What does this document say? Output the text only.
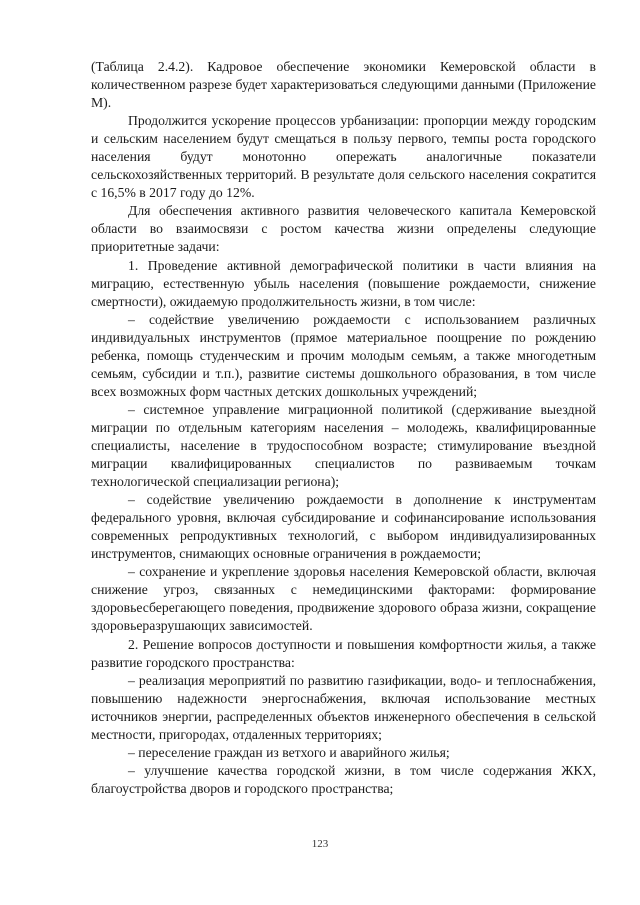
(Таблица 2.4.2). Кадровое обеспечение экономики Кемеровской области в количественном разрезе будет характеризоваться следующими данными (Приложение М).

Продолжится ускорение процессов урбанизации: пропорции между городским и сельским населением будут смещаться в пользу первого, темпы роста городского населения будут монотонно опережать аналогичные показатели сельскохозяйственных территорий. В результате доля сельского населения сократится с 16,5% в 2017 году до 12%.

Для обеспечения активного развития человеческого капитала Кемеровской области во взаимосвязи с ростом качества жизни определены следующие приоритетные задачи:

1. Проведение активной демографической политики в части влияния на миграцию, естественную убыль населения (повышение рождаемости, снижение смертности), ожидаемую продолжительность жизни, в том числе:

– содействие увеличению рождаемости с использованием различных индивидуальных инструментов (прямое материальное поощрение по рождению ребенка, помощь студенческим и прочим молодым семьям, а также многодетным семьям, субсидии и т.п.), развитие системы дошкольного образования, в том числе всех возможных форм частных детских дошкольных учреждений;

– системное управление миграционной политикой (сдерживание выездной миграции по отдельным категориям населения – молодежь, квалифицированные специалисты, население в трудоспособном возрасте; стимулирование въездной миграции квалифицированных специалистов по развиваемым точкам технологической специализации региона);

– содействие увеличению рождаемости в дополнение к инструментам федерального уровня, включая субсидирование и софинансирование использования современных репродуктивных технологий, с выбором индивидуализированных инструментов, снимающих основные ограничения в рождаемости;

– сохранение и укрепление здоровья населения Кемеровской области, включая снижение угроз, связанных с немедицинскими факторами: формирование здоровьесберегающего поведения, продвижение здорового образа жизни, сокращение здоровьеразрушающих зависимостей.

2. Решение вопросов доступности и повышения комфортности жилья, а также развитие городского пространства:

– реализация мероприятий по развитию газификации, водо- и теплоснабжения, повышению надежности энергоснабжения, включая использование местных источников энергии, распределенных объектов инженерного обеспечения в сельской местности, пригородах, отдаленных территориях;

– переселение граждан из ветхого и аварийного жилья;

– улучшение качества городской жизни, в том числе содержания ЖКХ, благоустройства дворов и городского пространства;

123
